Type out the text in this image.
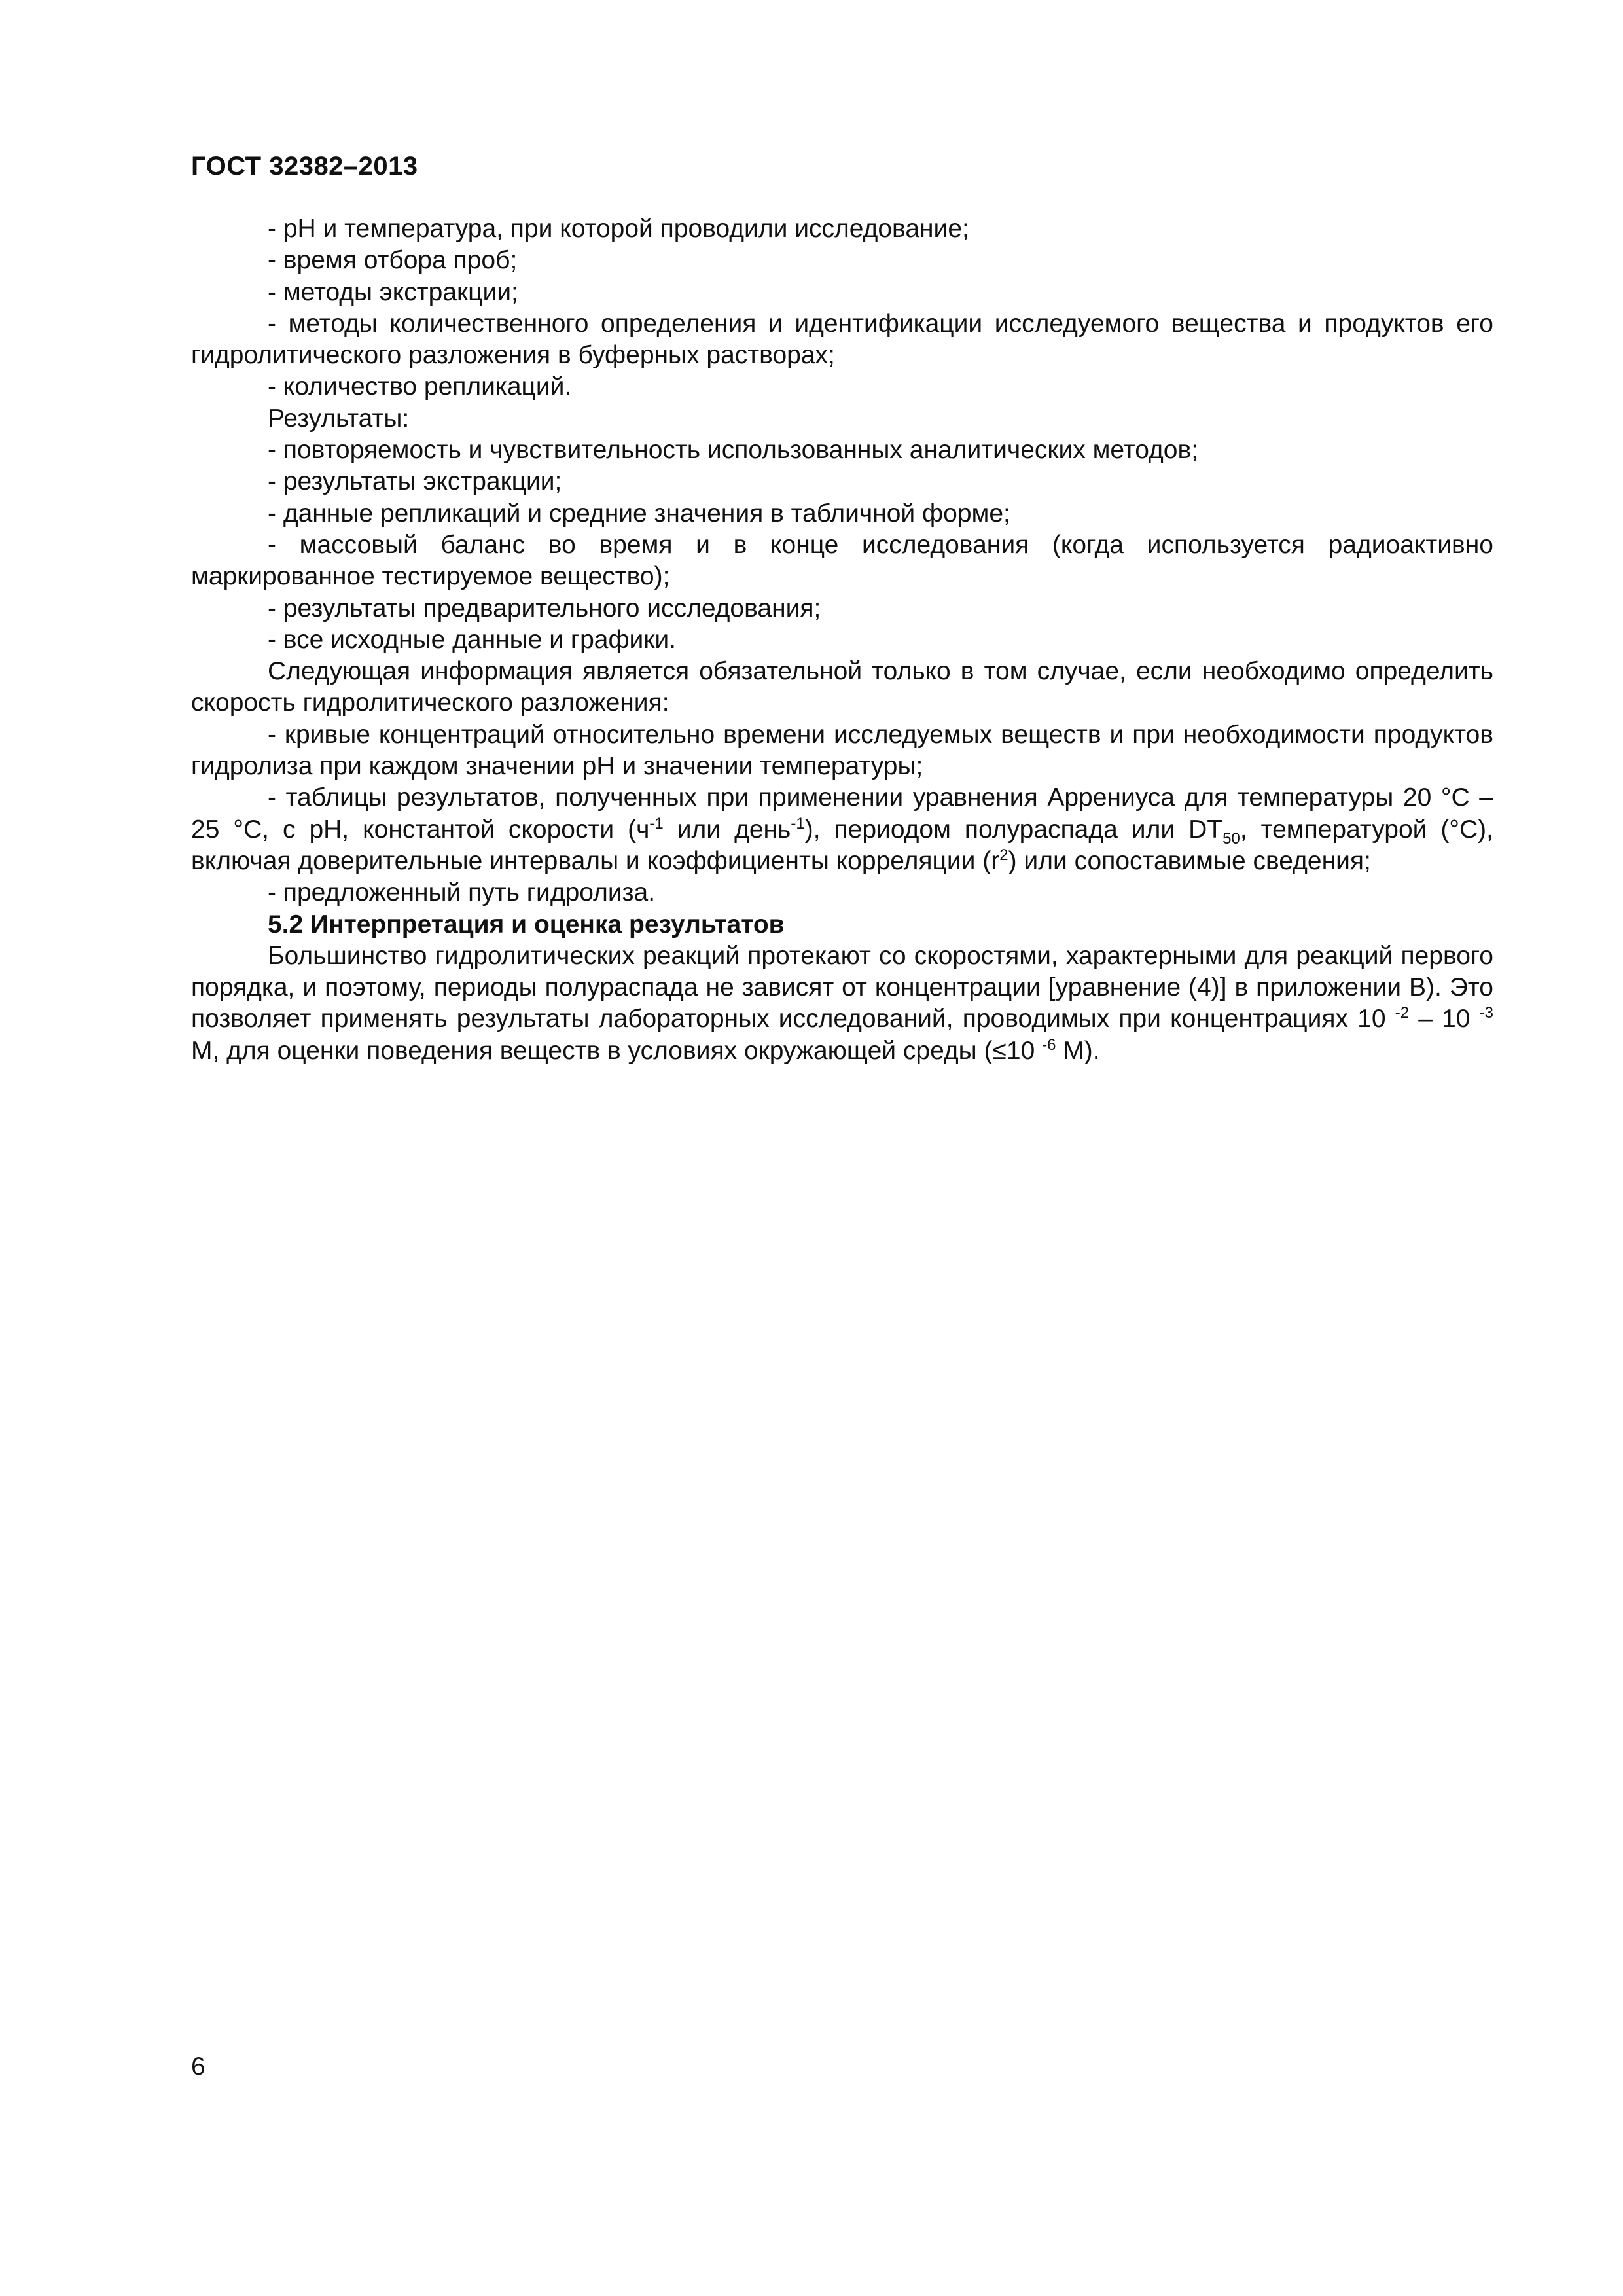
ГОСТ 32382–2013

- рН и температура, при которой проводили исследование;

- время отбора проб;

- методы экстракции;

- методы количественного определения и идентификации исследуемого вещества и продуктов его гидролитического разложения в буферных растворах;

- количество репликаций.

Результаты:

- повторяемость и чувствительность использованных аналитических методов;

- результаты экстракции;

- данные репликаций и средние значения в табличной форме;

- массовый баланс во время и в конце исследования (когда используется радиоактивно маркированное тестируемое вещество);

- результаты предварительного исследования;

- все исходные данные и графики.

Следующая информация является обязательной только в том случае, если необходимо определить скорость гидролитического разложения:

- кривые концентраций относительно времени исследуемых веществ и при необходимости продуктов гидролиза при каждом значении рН и значении температуры;

- таблицы результатов, полученных при применении уравнения Аррениуса для температуры 20 °С – 25 °С, с рН, константой скорости ($ч^{-1}$ или день$^{-1}$), периодом полураспада или $DT_{50}$, температурой (°С), включая доверительные интервалы и коэффициенты корреляции $(r^2)$ или сопоставимые сведения;

- предложенный путь гидролиза.

5.2 Интерпретация и оценка результатов

Большинство гидролитических реакций протекают со скоростями, характерными для реакций первого порядка, и поэтому, периоды полураспада не зависят от концентрации [уравнение (4)] в приложении В). Это позволяет применять результаты лабораторных исследований, проводимых при концентрациях 10 $^{-2}$ – 10 $^{-3}$ М, для оценки поведения веществ в условиях окружающей среды (≤10 $^{-6}$ М).

6
